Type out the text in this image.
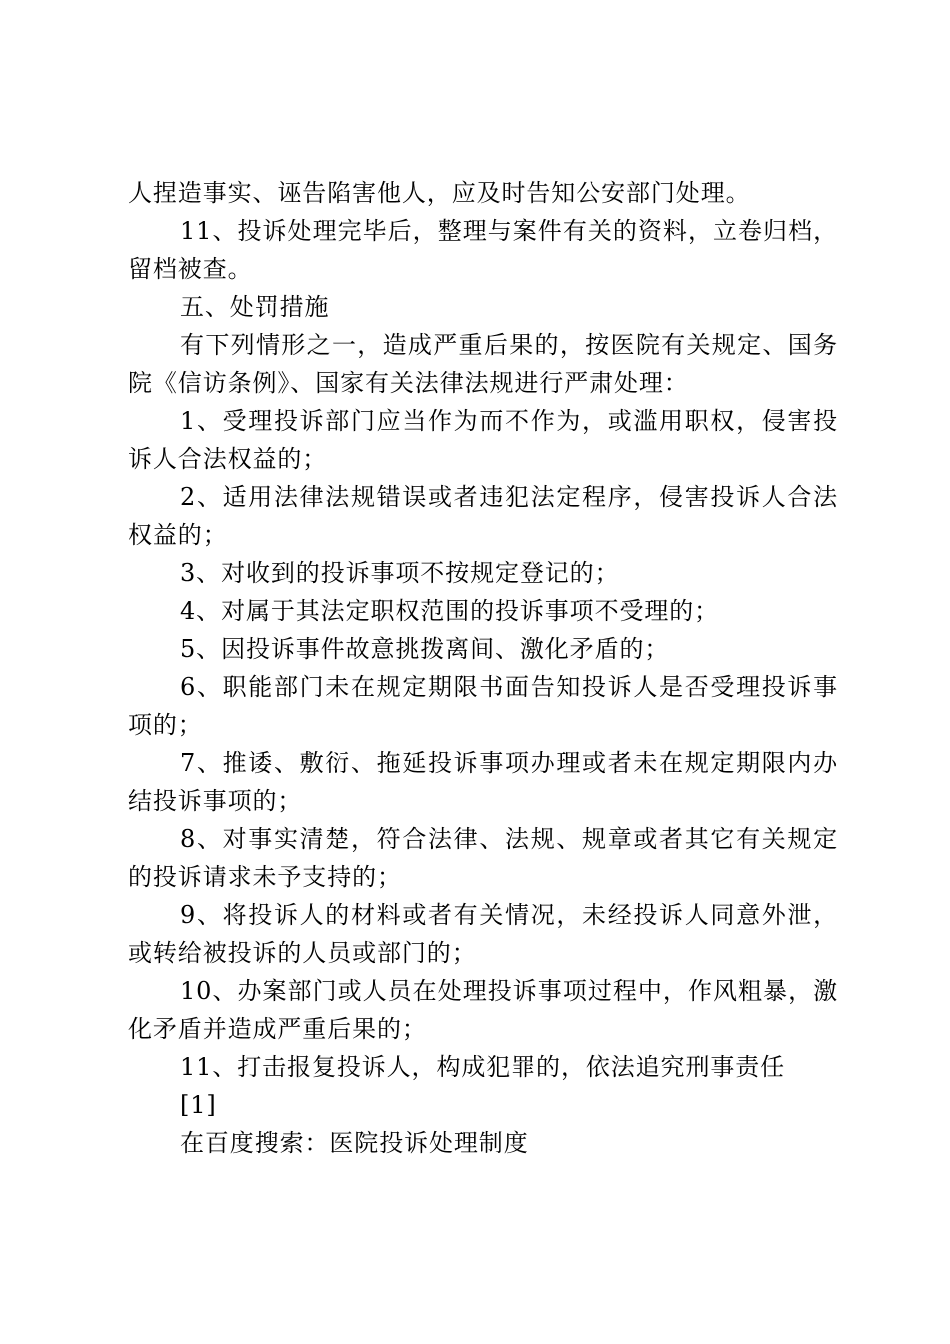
人捏造事实、诬告陷害他人，应及时告知公安部门处理。

11、投诉处理完毕后，整理与案件有关的资料，立卷归档，留档被查。

五、处罚措施

有下列情形之一，造成严重后果的，按医院有关规定、国务院《信访条例》、国家有关法律法规进行严肃处理：

1、受理投诉部门应当作为而不作为，或滥用职权，侵害投诉人合法权益的；

2、适用法律法规错误或者违犯法定程序，侵害投诉人合法权益的；

3、对收到的投诉事项不按规定登记的；

4、对属于其法定职权范围的投诉事项不受理的；

5、因投诉事件故意挑拨离间、激化矛盾的；

6、职能部门未在规定期限书面告知投诉人是否受理投诉事项的；

7、推诿、敷衍、拖延投诉事项办理或者未在规定期限内办结投诉事项的；

8、对事实清楚，符合法律、法规、规章或者其它有关规定的投诉请求未予支持的；

9、将投诉人的材料或者有关情况，未经投诉人同意外泄，或转给被投诉的人员或部门的；

10、办案部门或人员在处理投诉事项过程中，作风粗暴，激化矛盾并造成严重后果的；

11、打击报复投诉人，构成犯罪的，依法追究刑事责任

[1]

在百度搜索：医院投诉处理制度
